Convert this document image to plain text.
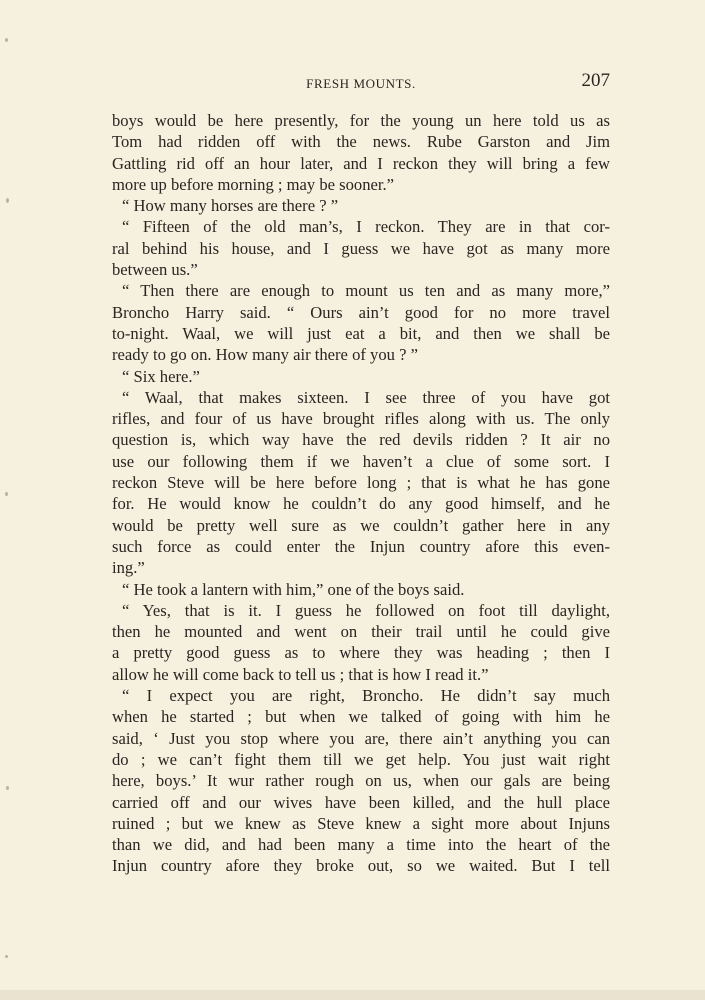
FRESH MOUNTS.	207
boys would be here presently, for the young un here told us as
Tom had ridden off with the news. Rube Garston and Jim
Gattling rid off an hour later, and I reckon they will bring a few
more up before morning ; may be sooner.”
“ How many horses are there ? ”
“ Fifteen of the old man’s, I reckon. They are in that cor-
ral behind his house, and I guess we have got as many more
between us.”
“ Then there are enough to mount us ten and as many more,”
Broncho Harry said. “ Ours ain’t good for no more travel
to-night. Waal, we will just eat a bit, and then we shall be
ready to go on. How many air there of you ? ”
“ Six here.”
“ Waal, that makes sixteen. I see three of you have got
rifles, and four of us have brought rifles along with us. The only
question is, which way have the red devils ridden ? It air no
use our following them if we haven’t a clue of some sort. I
reckon Steve will be here before long ; that is what he has gone
for. He would know he couldn’t do any good himself, and he
would be pretty well sure as we couldn’t gather here in any
such force as could enter the Injun country afore this even-
ing.”
“ He took a lantern with him,” one of the boys said.
“ Yes, that is it. I guess he followed on foot till daylight,
then he mounted and went on their trail until he could give
a pretty good guess as to where they was heading ; then I
allow he will come back to tell us ; that is how I read it.”
“ I expect you are right, Broncho. He didn’t say much
when he started ; but when we talked of going with him he
said, ‘ Just you stop where you are, there ain’t anything you can
do ; we can’t fight them till we get help. You just wait right
here, boys.’ It wur rather rough on us, when our gals are being
carried off and our wives have been killed, and the hull place
ruined ; but we knew as Steve knew a sight more about Injuns
than we did, and had been many a time into the heart of the
Injun country afore they broke out, so we waited. But I tell
